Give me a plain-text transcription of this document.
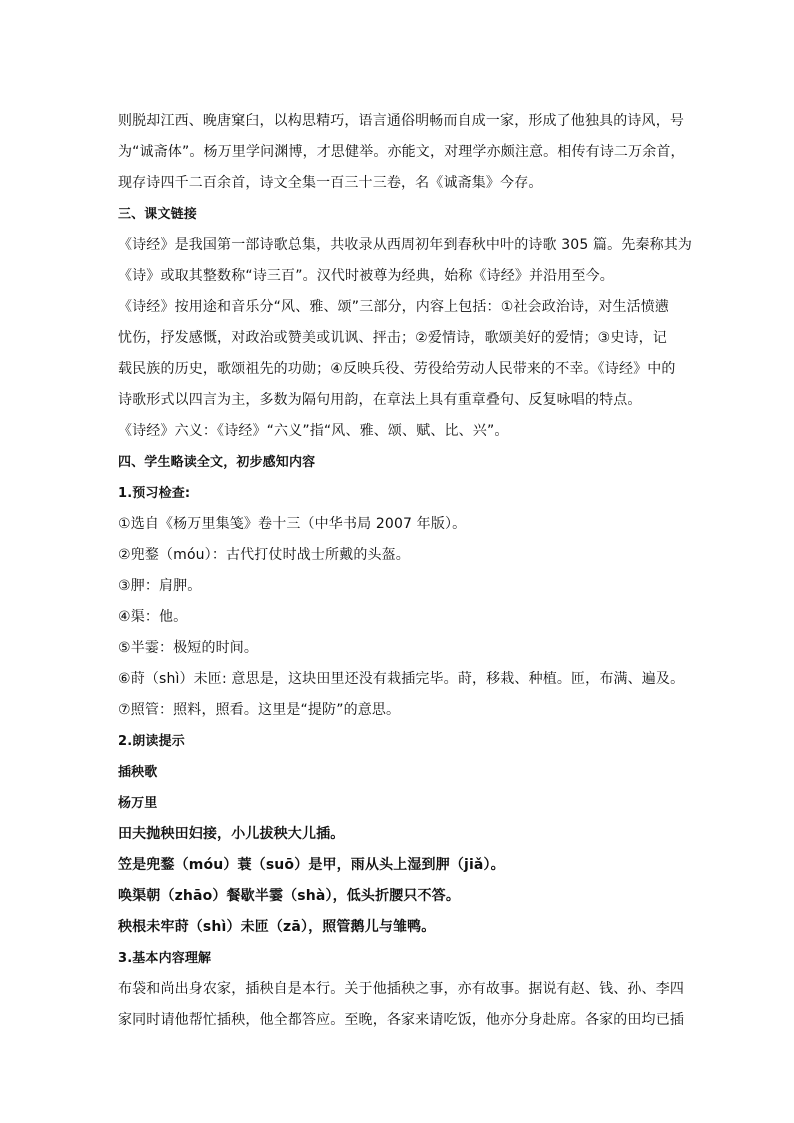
则脱却江西、晚唐窠臼，以构思精巧，语言通俗明畅而自成一家，形成了他独具的诗风，号

为“诚斋体”。杨万里学问渊博，才思健举。亦能文，对理学亦颇注意。相传有诗二万余首，

现存诗四千二百余首，诗文全集一百三十三卷，名《诚斋集》今存。

三、课文链接

《诗经》是我国第一部诗歌总集，共收录从西周初年到春秋中叶的诗歌 305 篇。先秦称其为

《诗》或取其整数称“诗三百”。汉代时被尊为经典，始称《诗经》并沿用至今。

《诗经》按用途和音乐分“风、雅、颂”三部分，内容上包括：①社会政治诗，对生活愤懑

忧伤，抒发感慨，对政治或赞美或讥讽、抨击；②爱情诗，歌颂美好的爱情；③史诗，记

载民族的历史，歌颂祖先的功勋；④反映兵役、劳役给劳动人民带来的不幸。《诗经》中的

诗歌形式以四言为主，多数为隔句用韵，在章法上具有重章叠句、反复咏唱的特点。

《诗经》六义：《诗经》“六义”指“风、雅、颂、赋、比、兴”。

四、学生略读全文，初步感知内容

1.预习检查:

①选自《杨万里集笺》卷十三（中华书局 2007 年版）。

②兜鍪（móu）：古代打仗时战士所戴的头盔。

③胛：肩胛。

④渠：他。

⑤半霎：极短的时间。

⑥莳（shì）未匝: 意思是，这块田里还没有栽插完毕。莳，移栽、种植。匝，布满、遍及。

⑦照管：照料，照看。这里是“提防”的意思。

2.朗读提示

插秧歌

杨万里

田夫抛秧田妇接，小儿拔秧大儿插。

笠是兜鍪（móu）蓑（suō）是甲，雨从头上湿到胛（jiǎ）。

唤渠朝（zhāo）餐歇半霎（shà），低头折腰只不答。

秧根未牢莳（shì）未匝（zā），照管鹅儿与雏鸭。

3.基本内容理解

布袋和尚出身农家，插秧自是本行。关于他插秧之事，亦有故事。据说有赵、钱、孙、李四

家同时请他帮忙插秧，他全都答应。至晚，各家来请吃饭，他亦分身赴席。各家的田均已插
